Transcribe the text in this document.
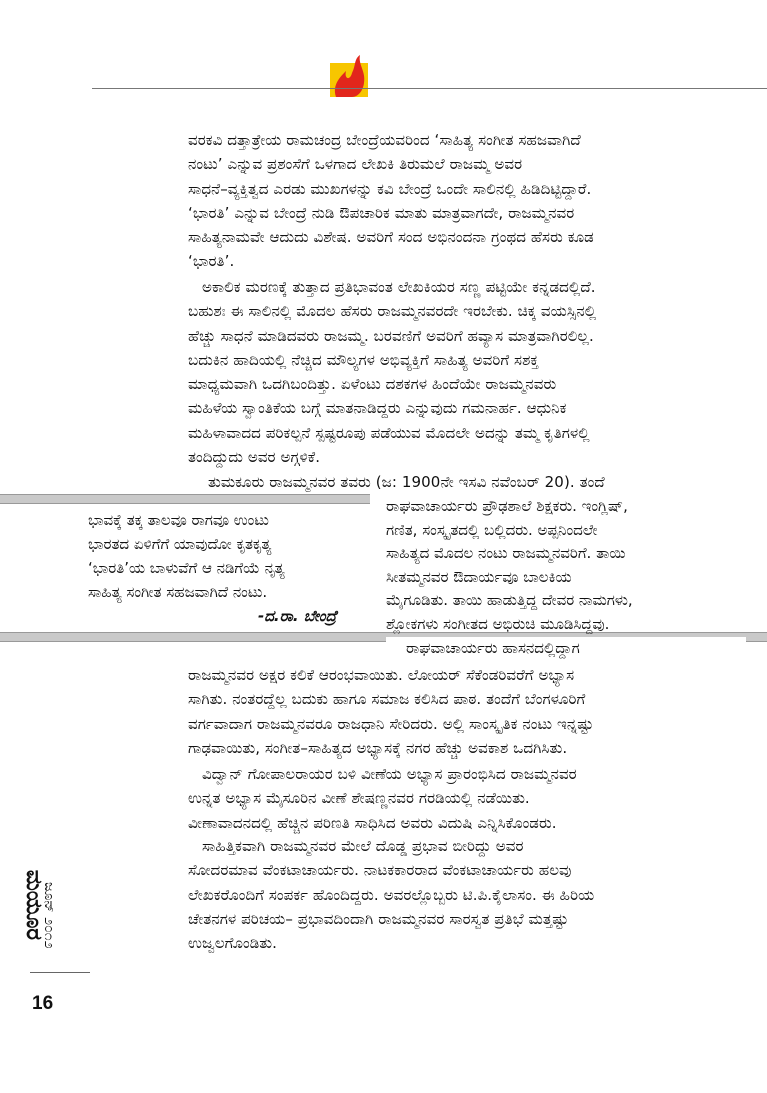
ವರಕವಿ ದತ್ತಾತ್ರೇಯ ರಾಮಚಂದ್ರ ಬೇಂದ್ರೆಯವರಿಂದ ‘ಸಾಹಿತ್ಯ ಸಂಗೀತ ಸಹಜವಾಗಿದೆ
ನಂಟು’ ಎನ್ನುವ ಪ್ರಶಂಸೆಗೆ ಒಳಗಾದ ಲೇಖಕಿ ತಿರುಮಲೆ ರಾಜಮ್ಮ ಅವರ
ಸಾಧನೆ–ವ್ಯಕ್ತಿತ್ವದ ಎರಡು ಮುಖಗಳನ್ನು ಕವಿ ಬೇಂದ್ರೆ ಒಂದೇ ಸಾಲಿನಲ್ಲಿ ಹಿಡಿದಿಟ್ಟಿದ್ದಾರೆ.
‘ಭಾರತಿ’ ಎನ್ನುವ ಬೇಂದ್ರೆ ನುಡಿ ಔಪಚಾರಿಕ ಮಾತು ಮಾತ್ರವಾಗದೇ, ರಾಜಮ್ಮನವರ
ಸಾಹಿತ್ಯನಾಮವೇ ಆದುದು ವಿಶೇಷ. ಅವರಿಗೆ ಸಂದ ಅಭಿನಂದನಾ ಗ್ರಂಥದ ಹೆಸರು ಕೂಡ
‘ಭಾರತಿ’.
ಅಕಾಲಿಕ ಮರಣಕ್ಕೆ ತುತ್ತಾದ ಪ್ರತಿಭಾವಂತ ಲೇಖಕಿಯರ ಸಣ್ಣ ಪಟ್ಟಿಯೇ ಕನ್ನಡದಲ್ಲಿದೆ.
ಬಹುಶಃ ಈ ಸಾಲಿನಲ್ಲಿ ಮೊದಲ ಹೆಸರು ರಾಜಮ್ಮನವರದೇ ಇರಬೇಕು. ಚಿಕ್ಕ ವಯಸ್ಸಿನಲ್ಲಿ
ಹೆಚ್ಚು ಸಾಧನೆ ಮಾಡಿದವರು ರಾಜಮ್ಮ. ಬರವಣಿಗೆ ಅವರಿಗೆ ಹವ್ಯಾಸ ಮಾತ್ರವಾಗಿರಲಿಲ್ಲ.
ಬದುಕಿನ ಹಾದಿಯಲ್ಲಿ ನೆಚ್ಚಿದ ಮೌಲ್ಯಗಳ ಅಭಿವ್ಯಕ್ತಿಗೆ ಸಾಹಿತ್ಯ ಅವರಿಗೆ ಸಶಕ್ತ
ಮಾಧ್ಯಮವಾಗಿ ಒದಗಿಬಂದಿತ್ತು. ಏಳೆಂಟು ದಶಕಗಳ ಹಿಂದೆಯೇ ರಾಜಮ್ಮನವರು
ಮಹಿಳೆಯ ಸ್ವಾಂತಿಕೆಯ ಬಗ್ಗೆ ಮಾತನಾಡಿದ್ದರು ಎನ್ನುವುದು ಗಮನಾರ್ಹ. ಆಧುನಿಕ
ಮಹಿಳಾವಾದದ ಪರಿಕಲ್ಪನೆ ಸ್ಪಷ್ಟರೂಪು ಪಡೆಯುವ ಮೊದಲೇ ಅದನ್ನು ತಮ್ಮ ಕೃತಿಗಳಲ್ಲಿ
ತಂದಿದ್ದುದು ಅವರ ಅಗ್ಗಳಿಕೆ.
ತುಮಕೂರು ರಾಜಮ್ಮನವರ ತವರು (ಜ: 1900ನೇ ಇಸವಿ ನವೆಂಬರ್ 20). ತಂದೆ
ಭಾವಕ್ಕೆ ತಕ್ಕ ತಾಲವೂ ರಾಗವೂ ಉಂಟು
ಭಾರತದ ಏಳಿಗೆಗೆ ಯಾವುದೋ ಕೃತಕೃತ್ಯ
‘ಭಾರತಿ’ಯ ಬಾಳುವೆಗೆ ಆ ನಡಿಗೆಯೆ ನೃತ್ಯ
ಸಾಹಿತ್ಯ ಸಂಗೀತ ಸಹಜವಾಗಿದೆ ನಂಟು.
-ದ.ರಾ. ಬೇಂದ್ರೆ
ರಾಘವಾಚಾರ್ಯರು ಪ್ರೌಢಶಾಲೆ ಶಿಕ್ಷಕರು. ಇಂಗ್ಲಿಷ್,
ಗಣಿತ, ಸಂಸ್ಕೃತದಲ್ಲಿ ಬಲ್ಲಿದರು. ಅಪ್ಪನಿಂದಲೇ
ಸಾಹಿತ್ಯದ ಮೊದಲ ನಂಟು ರಾಜಮ್ಮನವರಿಗೆ. ತಾಯಿ
ಸೀತಮ್ಮನವರ ಔದಾರ್ಯವೂ ಬಾಲಕಿಯ
ಮೈಗೂಡಿತು. ತಾಯಿ ಹಾಡುತ್ತಿದ್ದ ದೇವರ ನಾಮಗಳು,
ಶ್ಲೋಕಗಳು ಸಂಗೀತದ ಅಭಿರುಚಿ ಮೂಡಿಸಿದ್ದವು.
ರಾಘವಾಚಾರ್ಯರು ಹಾಸನದಲ್ಲಿದ್ದಾಗ
ರಾಜಮ್ಮನವರ ಅಕ್ಷರ ಕಲಿಕೆ ಆರಂಭವಾಯಿತು. ಲೋಯರ್ ಸೆಕೆಂಡರಿವರೆಗೆ ಅಭ್ಯಾಸ
ಸಾಗಿತು. ನಂತರದ್ದೆಲ್ಲ ಬದುಕು ಹಾಗೂ ಸಮಾಜ ಕಲಿಸಿದ ಪಾಠ. ತಂದೆಗೆ ಬೆಂಗಳೂರಿಗೆ
ವರ್ಗವಾದಾಗ ರಾಜಮ್ಮನವರೂ ರಾಜಧಾನಿ ಸೇರಿದರು. ಅಲ್ಲಿ ಸಾಂಸ್ಕೃತಿಕ ನಂಟು ಇನ್ನಷ್ಟು
ಗಾಢವಾಯಿತು, ಸಂಗೀತ–ಸಾಹಿತ್ಯದ ಅಭ್ಯಾಸಕ್ಕೆ ನಗರ ಹೆಚ್ಚು ಅವಕಾಶ ಒದಗಿಸಿತು.
ವಿದ್ವಾನ್ ಗೋಪಾಲರಾಯರ ಬಳಿ ವೀಣೆಯ ಅಭ್ಯಾಸ ಪ್ರಾರಂಭಿಸಿದ ರಾಜಮ್ಮನವರ
ಉನ್ನತ ಅಭ್ಯಾಸ ಮೈಸೂರಿನ ವೀಣೆ ಶೇಷಣ್ಣನವರ ಗರಡಿಯಲ್ಲಿ ನಡೆಯಿತು.
ವೀಣಾವಾದನದಲ್ಲಿ ಹೆಚ್ಚಿನ ಪರಿಣತಿ ಸಾಧಿಸಿದ ಅವರು ವಿದುಷಿ ಎನ್ನಿಸಿಕೊಂಡರು.
ಸಾಹಿತ್ತಿಕವಾಗಿ ರಾಜಮ್ಮನವರ ಮೇಲೆ ದೊಡ್ಡ ಪ್ರಭಾವ ಬೀರಿದ್ದು ಅವರ
ಸೋದರಮಾವ ವೆಂಕಟಾಚಾರ್ಯರು. ನಾಟಕಕಾರರಾದ ವೆಂಕಟಾಚಾರ್ಯರು ಹಲವು
ಲೇಖಕರೊಂದಿಗೆ ಸಂಪರ್ಕ ಹೊಂದಿದ್ದರು. ಅವರಲ್ಲೊಬ್ಬರು ಟಿ.ಪಿ.ಕೈಲಾಸಂ. ಈ ಹಿರಿಯ
ಚೇತನಗಳ ಪರಿಚಯ– ಪ್ರಭಾವದಿಂದಾಗಿ ರಾಜಮ್ಮನವರ ಸಾರಸ್ವತ ಪ್ರತಿಭೆ ಮತ್ತಷ್ಟು
ಉಜ್ವಲಗೊಂಡಿತು.
ಮಯೂರ
ಜೂನ್ ೨೦೧೨
16
